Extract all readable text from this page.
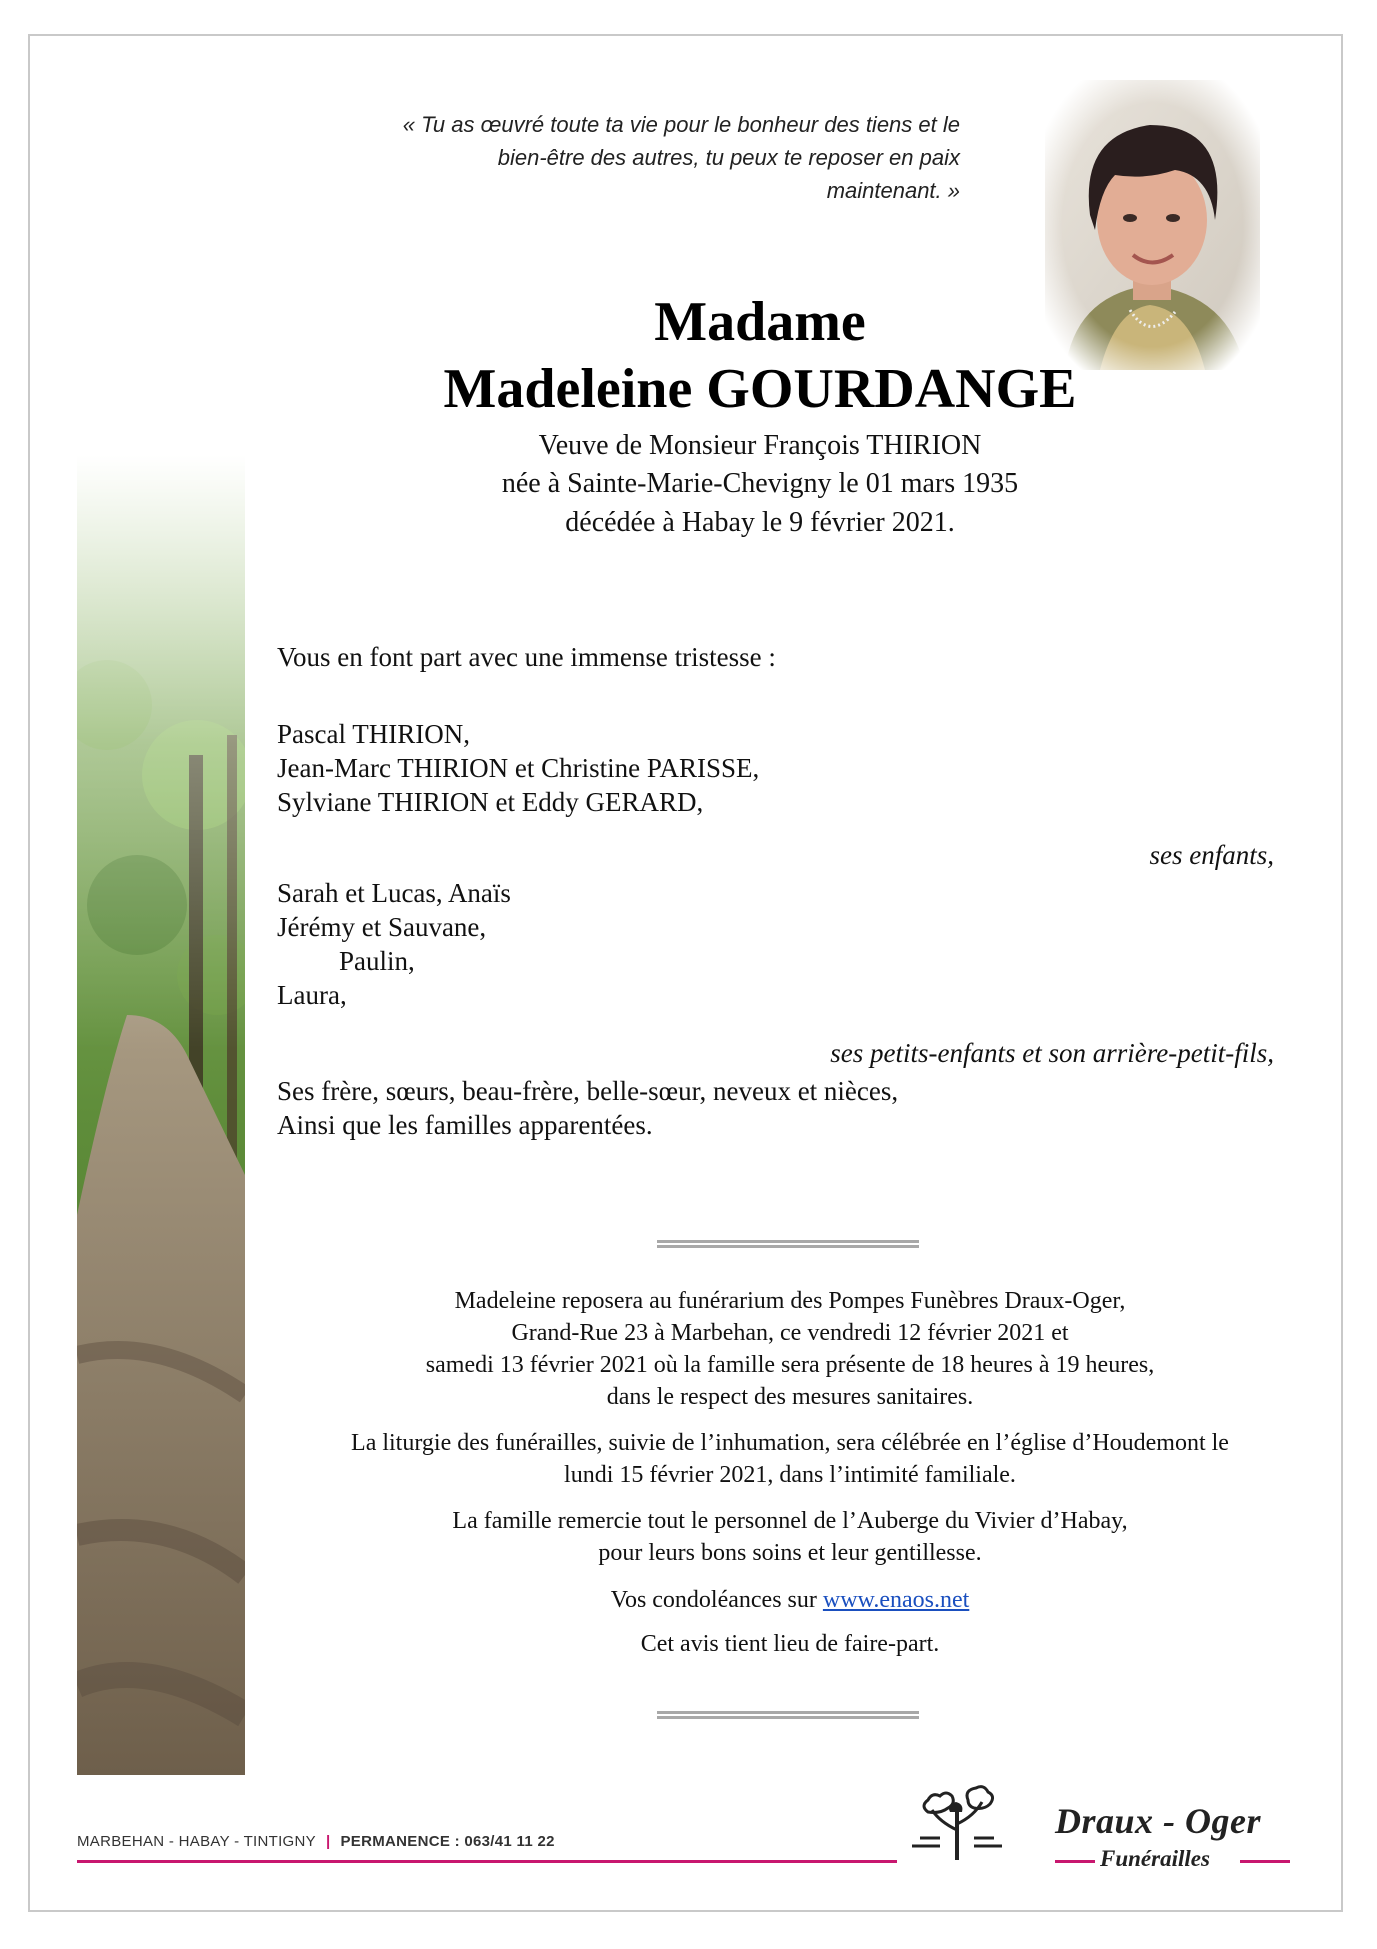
« Tu as œuvré toute ta vie pour le bonheur des tiens et le
bien-être des autres, tu peux te reposer en paix
maintenant. »
Madame
Madeleine GOURDANGE
Veuve de Monsieur François THIRION
née à Sainte-Marie-Chevigny le 01 mars 1935
décédée à Habay le 9 février 2021.
Vous en font part avec une immense tristesse :
Pascal THIRION,
Jean-Marc THIRION et Christine PARISSE,
Sylviane THIRION et Eddy GERARD,
ses enfants,
Sarah et Lucas, Anaïs
Jérémy et Sauvane,
Paulin,
Laura,
ses petits-enfants et son arrière-petit-fils,
Ses frère, sœurs, beau-frère, belle-sœur, neveux et nièces,
Ainsi que les familles apparentées.
Madeleine reposera au funérarium des Pompes Funèbres Draux-Oger,
Grand-Rue 23 à Marbehan, ce vendredi 12 février 2021 et
samedi 13 février 2021 où la famille sera présente de 18 heures à 19 heures,
dans le respect des mesures sanitaires.
La liturgie des funérailles, suivie de l’inhumation, sera célébrée en l’église d’Houdemont le
lundi 15 février 2021, dans l’intimité familiale.
La famille remercie tout le personnel de l’Auberge du Vivier d’Habay,
pour leurs bons soins et leur gentillesse.
Vos condoléances sur www.enaos.net
Cet avis tient lieu de faire-part.
MARBEHAN - HABAY - TINTIGNY | PERMANENCE : 063/41 11 22
Draux - Oger
Funérailles
